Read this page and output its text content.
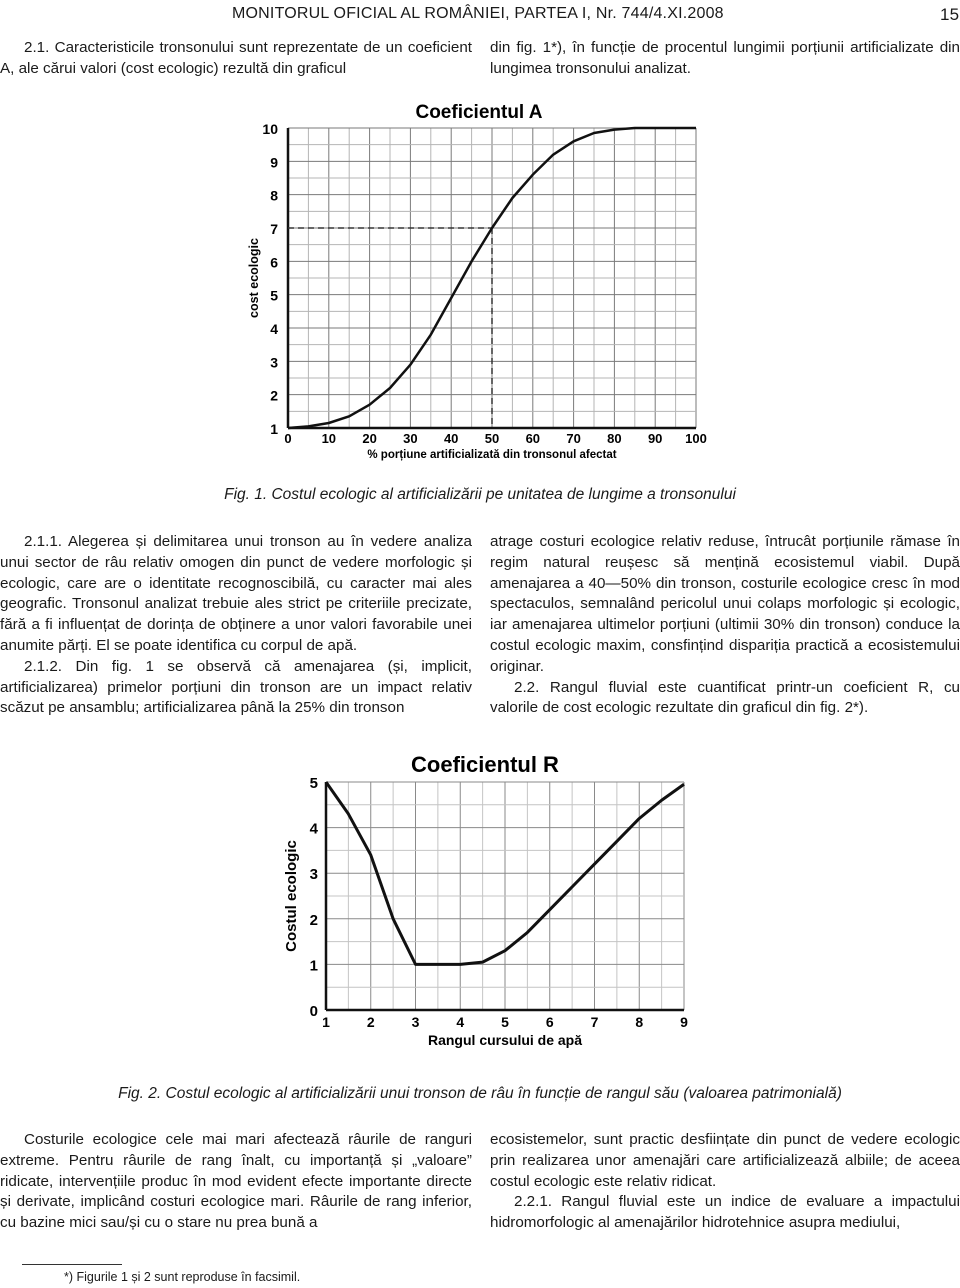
MONITORUL OFICIAL AL ROMÂNIEI, PARTEA I, Nr. 744/4.XI.2008	15

2.1. Caracteristicile tronsonului sunt reprezentate de un coeficient A, ale cărui valori (cost ecologic) rezultă din graficul

din fig. 1*), în funcție de procentul lungimii porțiunii artificializate din lungimea tronsonului analizat.

1
2
3
4
5
6
7
8
9
10
0 10 20 30 40 50 60 70 80 90 100
% porțiune artificializată din tronsonul afectat
cost ecologic
Coeficientul A
Fig. 1. Costul ecologic al artificializării pe unitatea de lungime a tronsonului

2.1.1. Alegerea și delimitarea unui tronson au în vedere analiza unui sector de râu relativ omogen din punct de vedere morfologic și ecologic, care are o identitate recognoscibilă, cu caracter mai ales geografic. Tronsonul analizat trebuie ales strict pe criteriile precizate, fără a fi influențat de dorința de obținere a unor valori favorabile unei anumite părți. El se poate identifica cu corpul de apă.

2.1.2. Din fig. 1 se observă că amenajarea (și, implicit, artificializarea) primelor porțiuni din tronson are un impact relativ scăzut pe ansamblu; artificializarea până la 25% din tronson

atrage costuri ecologice relativ reduse, întrucât porțiunile rămase în regim natural reușesc să mențină ecosistemul viabil. După amenajarea a 40—50% din tronson, costurile ecologice cresc în mod spectaculos, semnalând pericolul unui colaps morfologic și ecologic, iar amenajarea ultimelor porțiuni (ultimii 30% din tronson) conduce la costul ecologic maxim, consfințind dispariția practică a ecosistemului originar.

2.2. Rangul fluvial este cuantificat printr-un coeficient R, cu valorile de cost ecologic rezultate din graficul din fig. 2*).

0
1
2
3
4
5
1	2	3	4	5	6	7	8	9
Rangul cursului de apă
Costul ecologic
Coeficientul R
Fig. 2. Costul ecologic al artificializării unui tronson de râu în funcție de rangul său (valoarea patrimonială)

Costurile ecologice cele mai mari afectează râurile de ranguri extreme. Pentru râurile de rang înalt, cu importanță și „valoare” ridicate, intervențiile produc în mod evident efecte importante directe și derivate, implicând costuri ecologice mari. Râurile de rang inferior, cu bazine mici sau/și cu o stare nu prea bună a

ecosistemelor, sunt practic desființate din punct de vedere ecologic prin realizarea unor amenajări care artificializează albiile; de aceea costul ecologic este relativ ridicat.

2.2.1. Rangul fluvial este un indice de evaluare a impactului hidromorfologic al amenajărilor hidrotehnice asupra mediului,

*) Figurile 1 și 2 sunt reproduse în facsimil.
